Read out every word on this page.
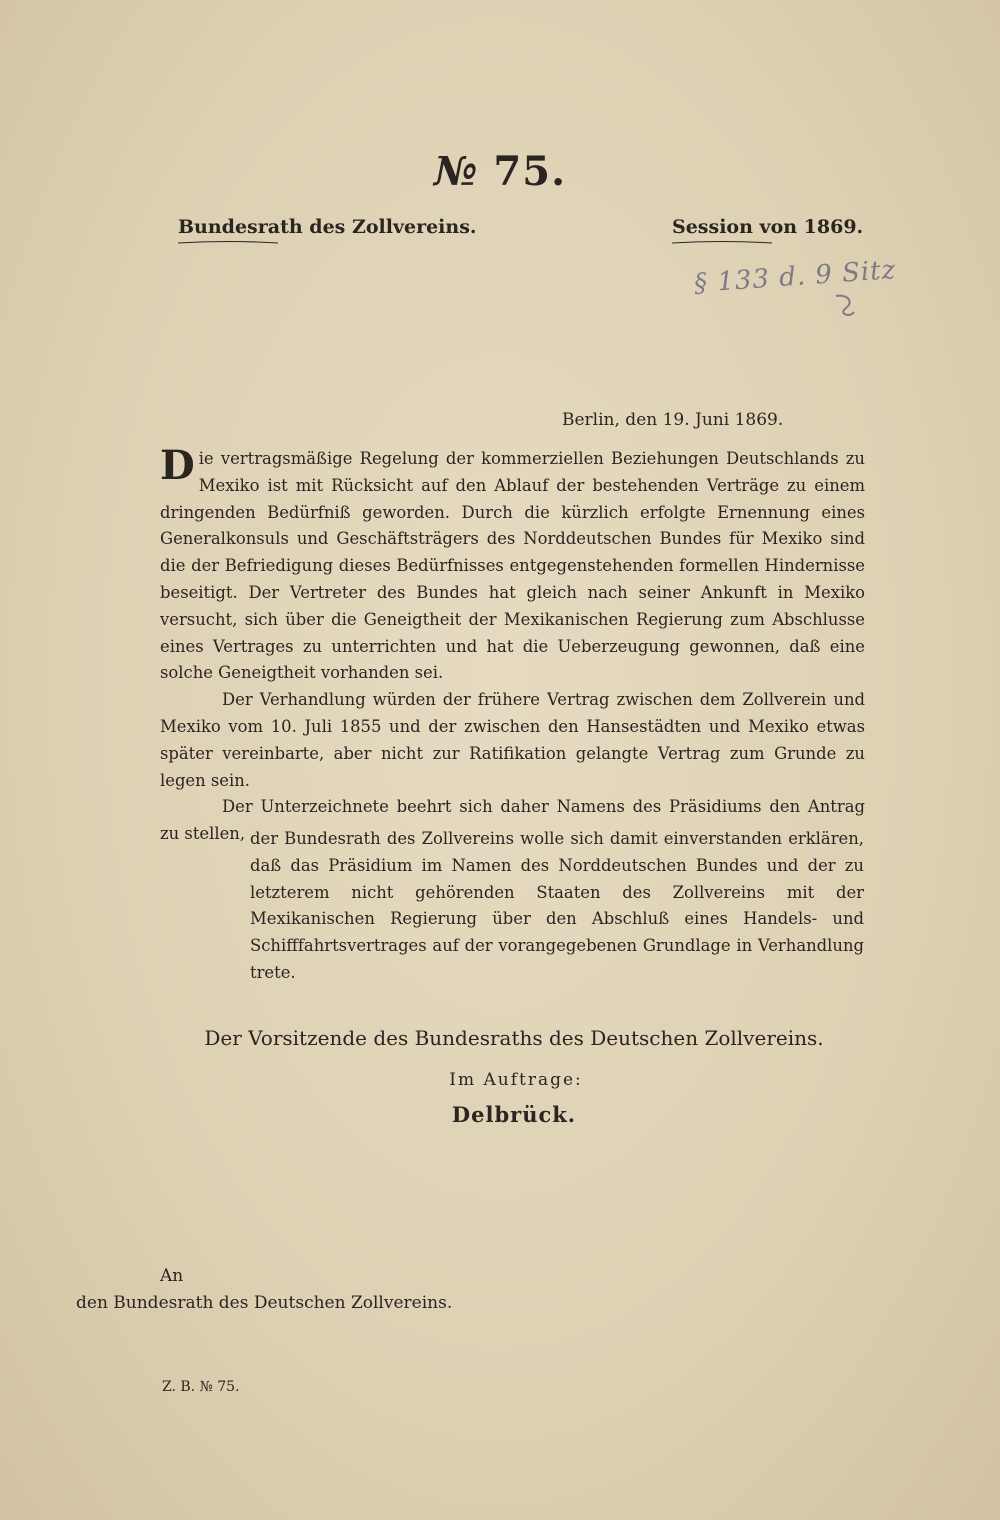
№ 75.
Bundesrath des Zollvereins.	Session von 1869.
§ 133 d. 9 Sitz
Berlin, den 19. Juni 1869.

Die vertragsmäßige Regelung der kommerziellen Beziehungen Deutschlands zu Mexiko ist mit Rücksicht auf den Ablauf der bestehenden Verträge zu einem dringenden Bedürfniß geworden. Durch die kürzlich erfolgte Ernennung eines Generalkonsuls und Geschäftsträgers des Norddeutschen Bundes für Mexiko sind die der Befriedigung dieses Bedürfnisses entgegenstehenden formellen Hindernisse beseitigt. Der Vertreter des Bundes hat gleich nach seiner Ankunft in Mexiko versucht, sich über die Geneigtheit der Mexikanischen Regierung zum Abschlusse eines Vertrages zu unterrichten und hat die Ueberzeugung gewonnen, daß eine solche Geneigtheit vorhanden sei.

Der Verhandlung würden der frühere Vertrag zwischen dem Zollverein und Mexiko vom 10. Juli 1855 und der zwischen den Hansestädten und Mexiko etwas später vereinbarte, aber nicht zur Ratifikation gelangte Vertrag zum Grunde zu legen sein.

Der Unterzeichnete beehrt sich daher Namens des Präsidiums den Antrag zu stellen, der Bundesrath des Zollvereins wolle sich damit einverstanden erklären, daß das Präsidium im Namen des Norddeutschen Bundes und der zu letzterem nicht gehörenden Staaten des Zollvereins mit der Mexikanischen Regierung über den Abschluß eines Handels- und Schifffahrtsvertrages auf der vorangegebenen Grundlage in Verhandlung trete.
Der Vorsitzende des Bundesraths des Deutschen Zollvereins.
Im Auftrage:
Delbrück.
An
den Bundesrath des Deutschen Zollvereins.
Z. B. № 75.
